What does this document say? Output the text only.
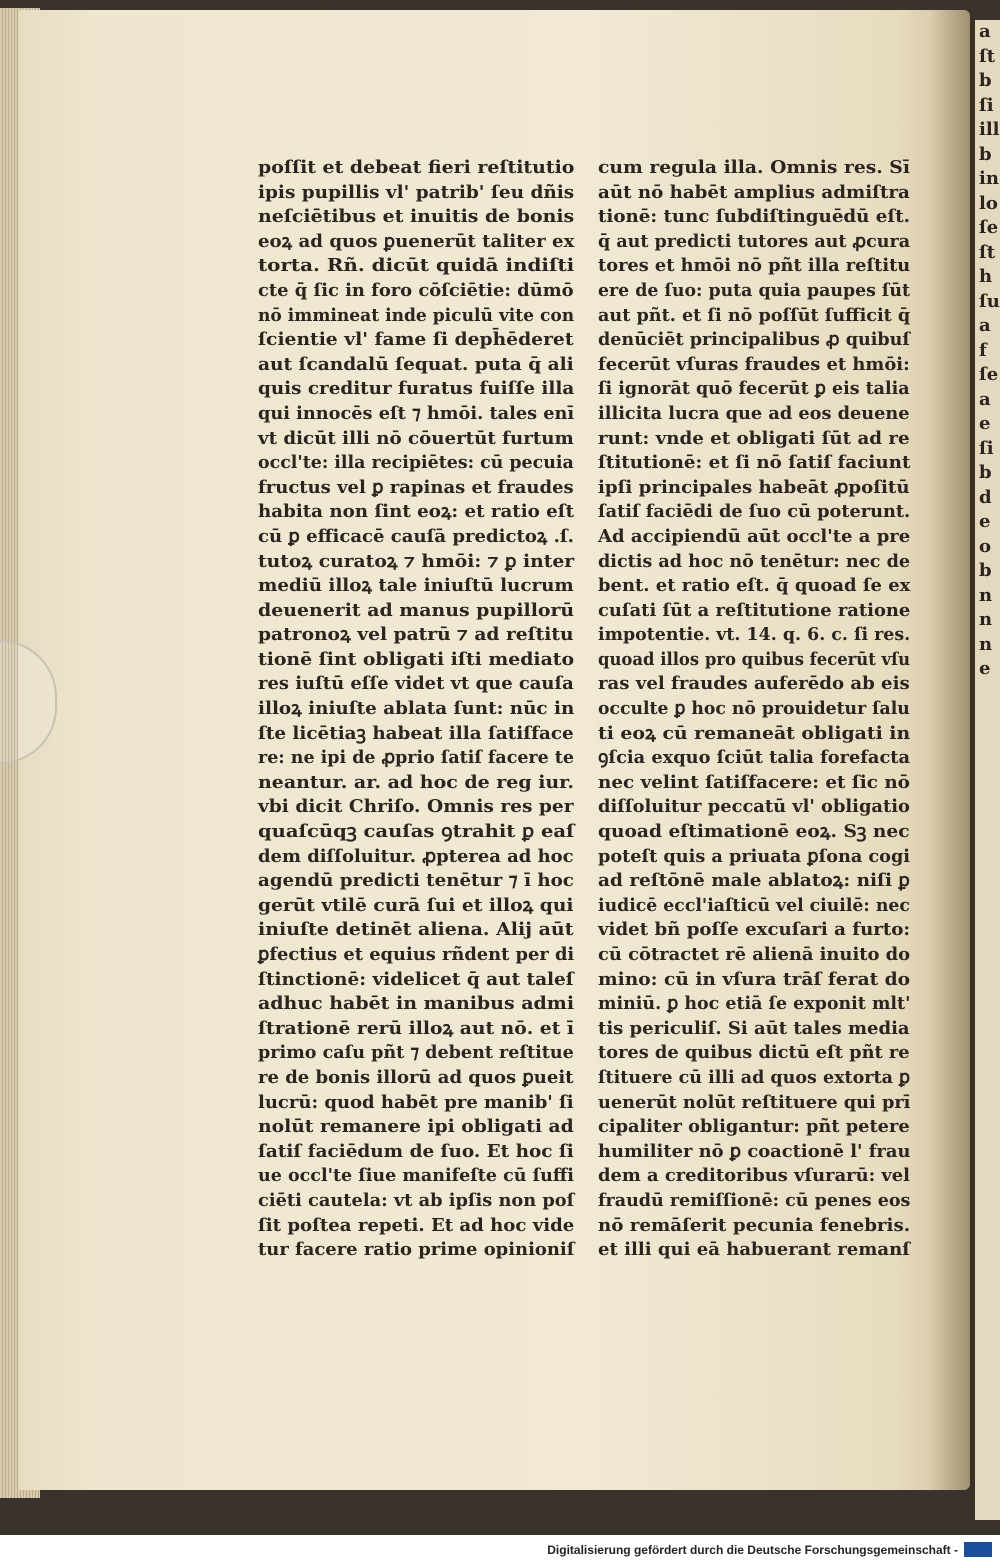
a
ſt
b
ſi
ill
b
in
lo
ſe
ſt
h
ſu
a
f
ſe
a
e
ſi
b
d
e
o
b
n
n
n
e
poſſit et debeat fieri reſtitutio
ipis pupillis vl' patrib' ſeu dñis
neſciētibus et inuitis de bonis
eoꝝ ad quos ꝑuenerūt taliter ex
torta. Rñ. dicūt quidā indiſti
cte q̄ ſic in foro cōſciētie: dūmō
nō immineat inde piculū vite con
ſcientie vl' fame ſi deph̄ēderet
aut ſcandalū ſequat. puta q̄ ali
quis creditur furatus fuiſſe illa
qui innocēs eſt ⁊ hmōi. tales enī
vt dicūt illi nō cōuertūt furtum
occl'te: illa recipiētes: cū pecuia
fructus vel ꝑ rapinas et fraudes
habita non ſint eoꝝ: et ratio eſt
cū ꝑ efficacē cauſā predictoꝝ .ſ.
tutoꝝ curatoꝝ ⁊ hmōi: ⁊ ꝑ inter
mediū illoꝝ tale iniuſtū lucrum
deuenerit ad manus pupillorū
patronoꝝ vel patrū ⁊ ad reſtitu
tionē ſint obligati iſti mediato
res iuſtū eſſe videt vt que cauſa
illoꝝ iniuſte ablata ſunt: nūc in
ſte licētiaꝫ habeat illa ſatiſface
re: ne ipi de ꝓprio ſatiſ facere te
neantur. ar. ad hoc de reg iur.
vbi dicit Chriſo. Omnis res per
quaſcūqꝫ cauſas ꝯtrahit ꝑ eaſ
dem diſſoluitur. ꝓpterea ad hoc
agendū predicti tenētur ⁊ ī hoc
gerūt vtilē curā ſui et illoꝝ qui
iniuſte detinēt aliena. Alij aūt
ꝑfectius et equius rñdent per di
ſtinctionē: videlicet q̄ aut taleſ
adhuc habēt in manibus admi
ſtrationē rerū illoꝝ aut nō. et ī
primo caſu pñt ⁊ debent reſtitue
re de bonis illorū ad quos ꝑueit
lucrū: quod habēt pre manib' ſi
nolūt remanere ipi obligati ad
ſatiſ faciēdum de ſuo. Et hoc ſi
ue occl'te ſiue manifeſte cū ſuffi
ciēti cautela: vt ab ipſis non poſ
ſit poſtea repeti. Et ad hoc vide
tur facere ratio prime opinioniſ
cum regula illa. Omnis res. Sī
aūt nō habēt amplius admiſtra
tionē: tunc ſubdiſtinguēdū eſt.
q̄ aut predicti tutores aut ꝓcura
tores et hmōi nō pñt illa reſtitu
ere de ſuo: puta quia paupes ſūt
aut pñt. et ſi nō poſſūt ſufficit q̄
denūciēt principalibus ꝓ quibuſ
fecerūt vſuras fraudes et hmōi:
ſi ignorāt quō fecerūt ꝑ eis talia
illicita lucra que ad eos deuene
runt: vnde et obligati ſūt ad re
ſtitutionē: et ſi nō ſatiſ faciunt
ipſi principales habeāt ꝓpoſitū
ſatiſ faciēdi de ſuo cū poterunt.
Ad accipiendū aūt occl'te a pre
dictis ad hoc nō tenētur: nec de
bent. et ratio eſt. q̄ quoad ſe ex
cuſati ſūt a reſtitutione ratione
impotentie. vt. 14. q. 6. c. ſi res.
quoad illos pro quibus fecerūt vſu
ras vel fraudes auferēdo ab eis
occulte ꝑ hoc nō prouidetur ſalu
ti eoꝝ cū remaneāt obligati in
ꝯſcia exquo ſciūt talia forefacta
nec velint ſatiſfacere: et ſic nō
diſſoluitur peccatū vl' obligatio
quoad eſtimationē eoꝝ. Sꝫ nec
poteſt quis a priuata ꝑſona cogi
ad reſtōnē male ablatoꝝ: niſi ꝑ
iudicē eccl'iaſticū vel ciuilē: nec
videt bñ poſſe excuſari a furto:
cū cōtractet rē alienā inuito do
mino: cū in vſura trāſ ferat do
miniū. ꝑ hoc etiā ſe exponit mlt'
tis periculiſ. Si aūt tales media
tores de quibus dictū eſt pñt re
ſtituere cū illi ad quos extorta ꝑ
uenerūt nolūt reſtituere qui prī
cipaliter obligantur: pñt petere
humiliter nō ꝑ coactionē l' frau
dem a creditoribus vſurarū: vel
fraudū remiſſionē: cū penes eos
nō remāſerit pecunia fenebris.
et illi qui eā habuerant remanſ
Digitalisierung gefördert durch die Deutsche Forschungsgemeinschaft -
